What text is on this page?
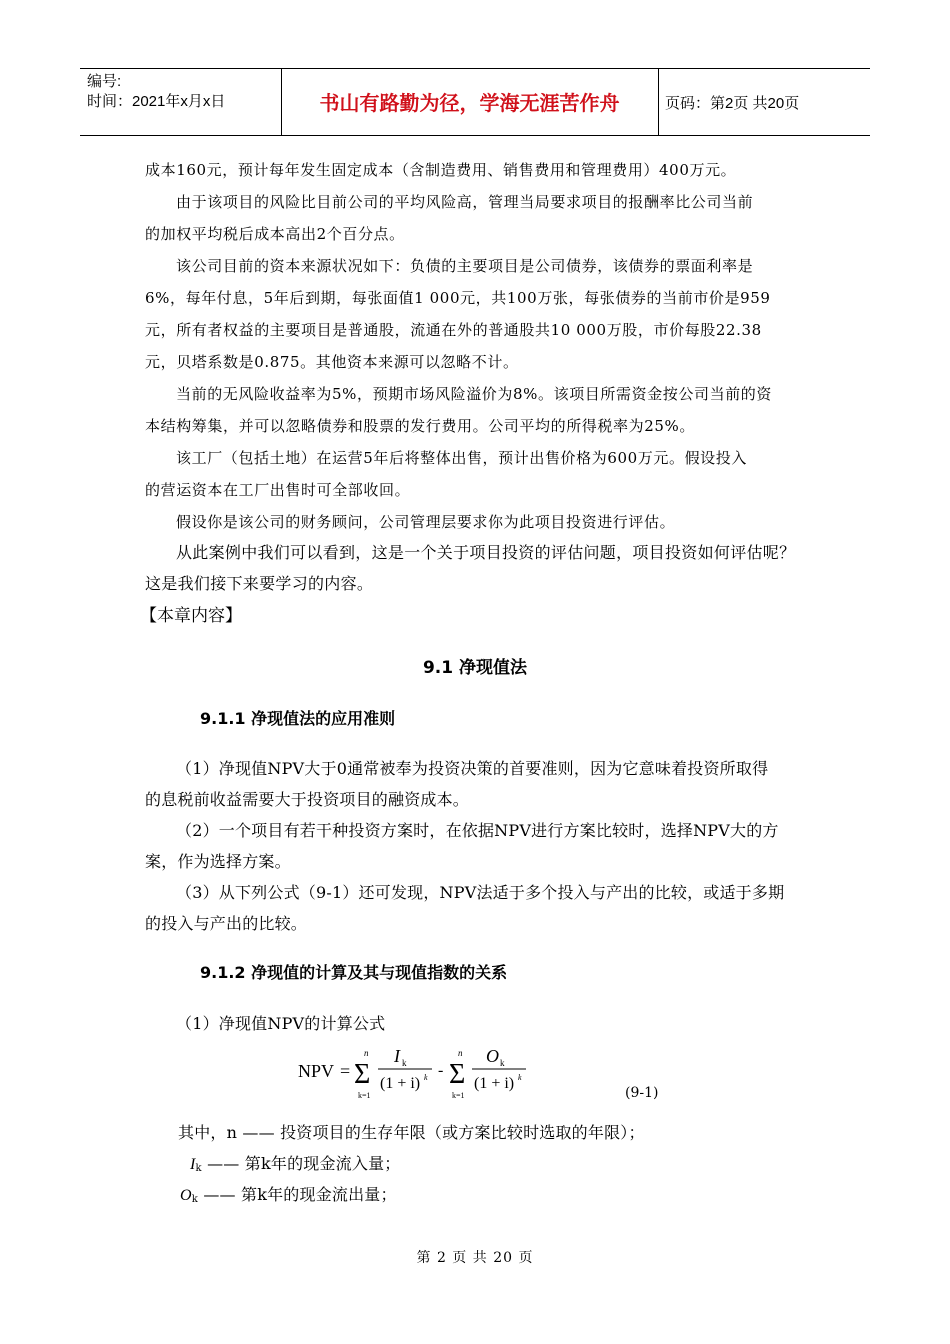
编号:
时间：2021年x月x日	书山有路勤为径，学海无涯苦作舟	页码：第2页 共20页
成本160元，预计每年发生固定成本（含制造费用、销售费用和管理费用）400万元。
由于该项目的风险比目前公司的平均风险高，管理当局要求项目的报酬率比公司当前
的加权平均税后成本高出2个百分点。
该公司目前的资本来源状况如下：负债的主要项目是公司债券，该债券的票面利率是
6%，每年付息，5年后到期，每张面值1 000元，共100万张，每张债券的当前市价是959
元，所有者权益的主要项目是普通股，流通在外的普通股共10 000万股，市价每股22.38
元，贝塔系数是0.875。其他资本来源可以忽略不计。
当前的无风险收益率为5%，预期市场风险溢价为8%。该项目所需资金按公司当前的资
本结构筹集，并可以忽略债券和股票的发行费用。公司平均的所得税率为25%。
该工厂（包括土地）在运营5年后将整体出售，预计出售价格为600万元。假设投入
的营运资本在工厂出售时可全部收回。
假设你是该公司的财务顾问，公司管理层要求你为此项目投资进行评估。
从此案例中我们可以看到，这是一个关于项目投资的评估问题，项目投资如何评估呢？
这是我们接下来要学习的内容。
【本章内容】
9.1 净现值法
9.1.1 净现值法的应用准则
（1）净现值NPV大于0通常被奉为投资决策的首要准则，因为它意味着投资所取得
的息税前收益需要大于投资项目的融资成本。
（2）一个项目有若干种投资方案时，在依据NPV进行方案比较时，选择NPV大的方
案，作为选择方案。
（3）从下列公式（9-1）还可发现，NPV法适于多个投入与产出的比较，或适于多期
的投入与产出的比较。
9.1.2 净现值的计算及其与现值指数的关系
（1）净现值NPV的计算公式
NPV = Σ
n
k=1
I k
(1 + i) k - Σ
n
k=1
O k
(1 + i) k
(9-1)
其中，n —— 投资项目的生存年限（或方案比较时选取的年限）；
$I_k$ —— 第k年的现金流入量；
$O_k$ —— 第k年的现金流出量；
第 2 页 共 20 页
